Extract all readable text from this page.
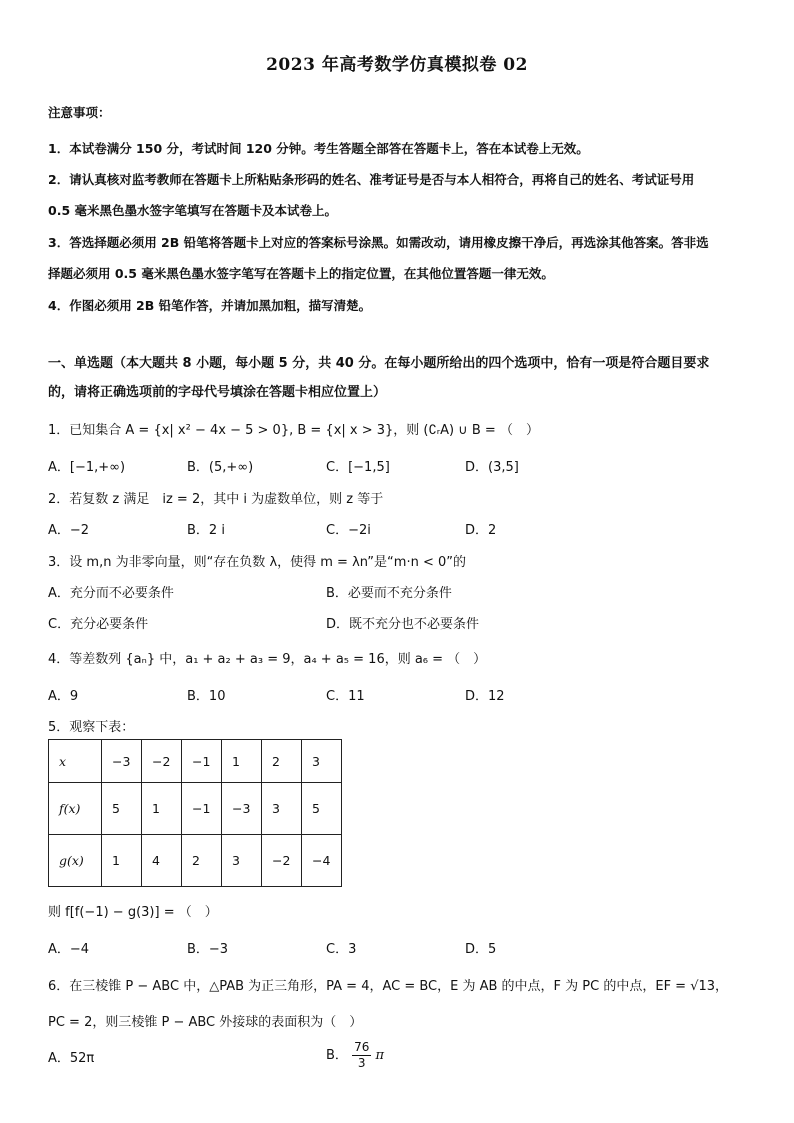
2023 年高考数学仿真模拟卷 02
注意事项：
1．本试卷满分 150 分，考试时间 120 分钟。考生答题全部答在答题卡上，答在本试卷上无效。
2．请认真核对监考教师在答题卡上所粘贴条形码的姓名、准考证号是否与本人相符合，再将自己的姓名、考试证号用
0.5 毫米黑色墨水签字笔填写在答题卡及本试卷上。
3．答选择题必须用 2B 铅笔将答题卡上对应的答案标号涂黑。如需改动，请用橡皮擦干净后，再选涂其他答案。答非选
择题必须用 0.5 毫米黑色墨水签字笔写在答题卡上的指定位置，在其他位置答题一律无效。
4．作图必须用 2B 铅笔作答，并请加黑加粗，描写清楚。
一、单选题（本大题共 8 小题，每小题 5 分，共 40 分。在每小题所给出的四个选项中，恰有一项是符合题目要求
的，请将正确选项前的字母代号填涂在答题卡相应位置上）
1．已知集合 A = {x| x² − 4x − 5 > 0}, B = {x| x > 3}，则 (∁ᵣA) ∪ B = （　）
A．[−1,+∞)	B．(5,+∞)	C．[−1,5]	D．(3,5]
2．若复数 z 满足　iz = 2，其中 i 为虚数单位，则 z 等于
A．−2	B．2 i	C．−2i	D．2
3．设 m,n 为非零向量，则“存在负数 λ，使得 m = λn”是“m·n < 0”的
A．充分而不必要条件	B．必要而不充分条件
C．充分必要条件	D．既不充分也不必要条件
4．等差数列 {aₙ} 中，a₁ + a₂ + a₃ = 9，a₄ + a₅ = 16，则 a₆ = （　）
A．9	B．10	C．11	D．12
5．观察下表：
x	−3	−2	−1	1	2	3
f(x)	5	1	−1	−3	3	5
g(x)	1	4	2	3	−2	−4
则 f[f(−1) − g(3)] = （　）
A．−4	B．−3	C．3	D．5
6．在三棱锥 P − ABC 中，△PAB 为正三角形，PA = 4，AC = BC，E 为 AB 的中点，F 为 PC 的中点，EF = √13，
PC = 2，则三棱锥 P − ABC 外接球的表面积为（　）
A．52π	B． $\frac{76}{3}$ π
